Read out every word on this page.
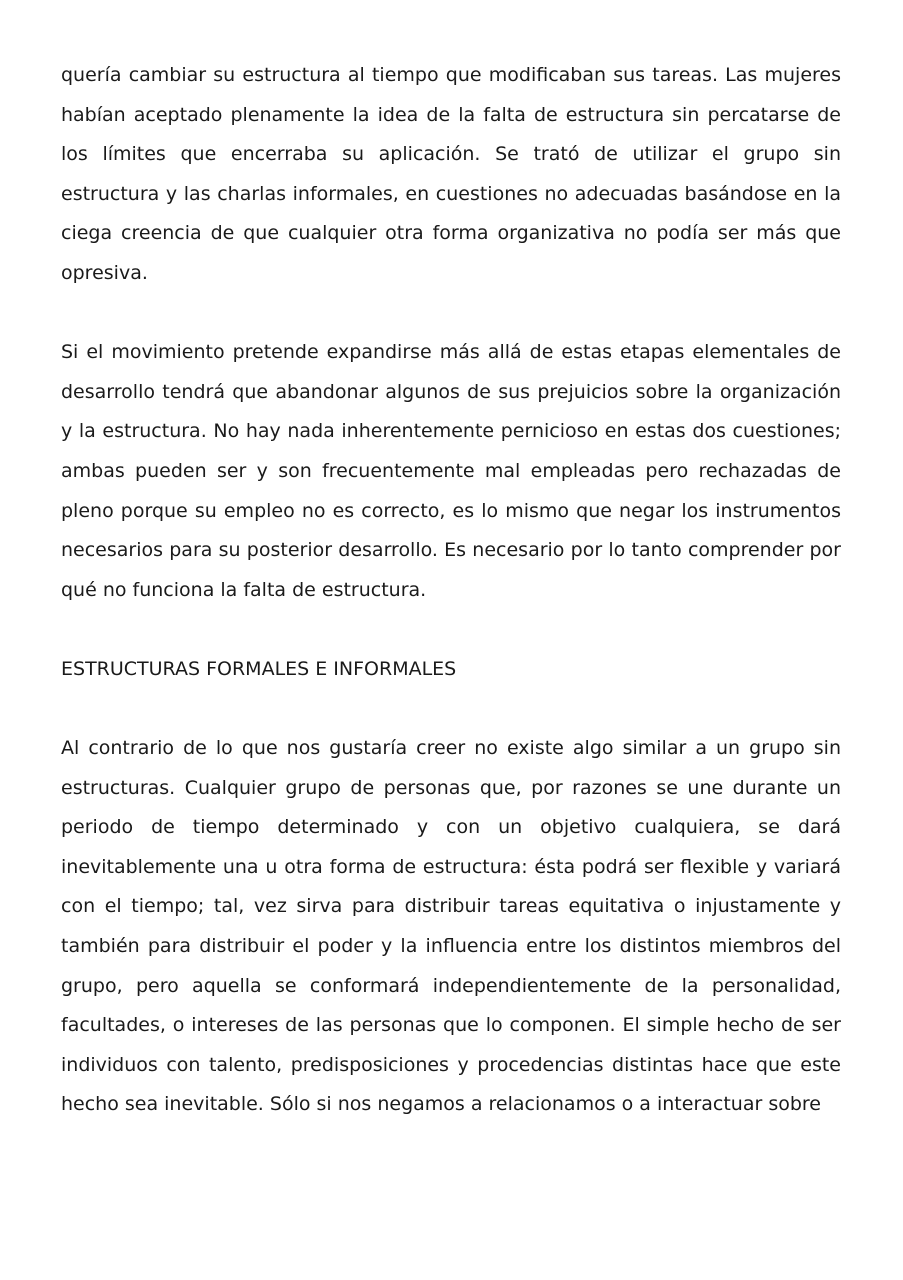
quería cambiar su estructura al tiempo que modificaban sus tareas. Las mujeres habían aceptado plenamente la idea de la falta de estructura sin percatarse de los límites que encerraba su aplicación. Se trató de utilizar el grupo sin estructura y las charlas informales, en cuestiones no adecuadas basándose en la ciega creencia de que cualquier otra forma organizativa no podía ser más que opresiva.

Si el movimiento pretende expandirse más allá de estas etapas elementales de desarrollo tendrá que abandonar algunos de sus prejuicios sobre la organización y la estructura. No hay nada inherentemente pernicioso en estas dos cuestiones; ambas pueden ser y son frecuentemente mal empleadas pero rechazadas de pleno porque su empleo no es correcto, es lo mismo que negar los instrumentos necesarios para su posterior desarrollo. Es necesario por lo tanto comprender por qué no funciona la falta de estructura.

ESTRUCTURAS FORMALES E INFORMALES

Al contrario de lo que nos gustaría creer no existe algo similar a un grupo sin estructuras. Cualquier grupo de personas que, por razones se une durante un periodo de tiempo determinado y con un objetivo cualquiera, se dará inevitablemente una u otra forma de estructura: ésta podrá ser flexible y variará con el tiempo; tal, vez sirva para distribuir tareas equitativa o injustamente y también para distribuir el poder y la influencia entre los distintos miembros del grupo, pero aquella se conformará independientemente de la personalidad, facultades, o intereses de las personas que lo componen. El simple hecho de ser individuos con talento, predisposiciones y procedencias distintas hace que este hecho sea inevitable. Sólo si nos negamos a relacionamos o a interactuar sobre
